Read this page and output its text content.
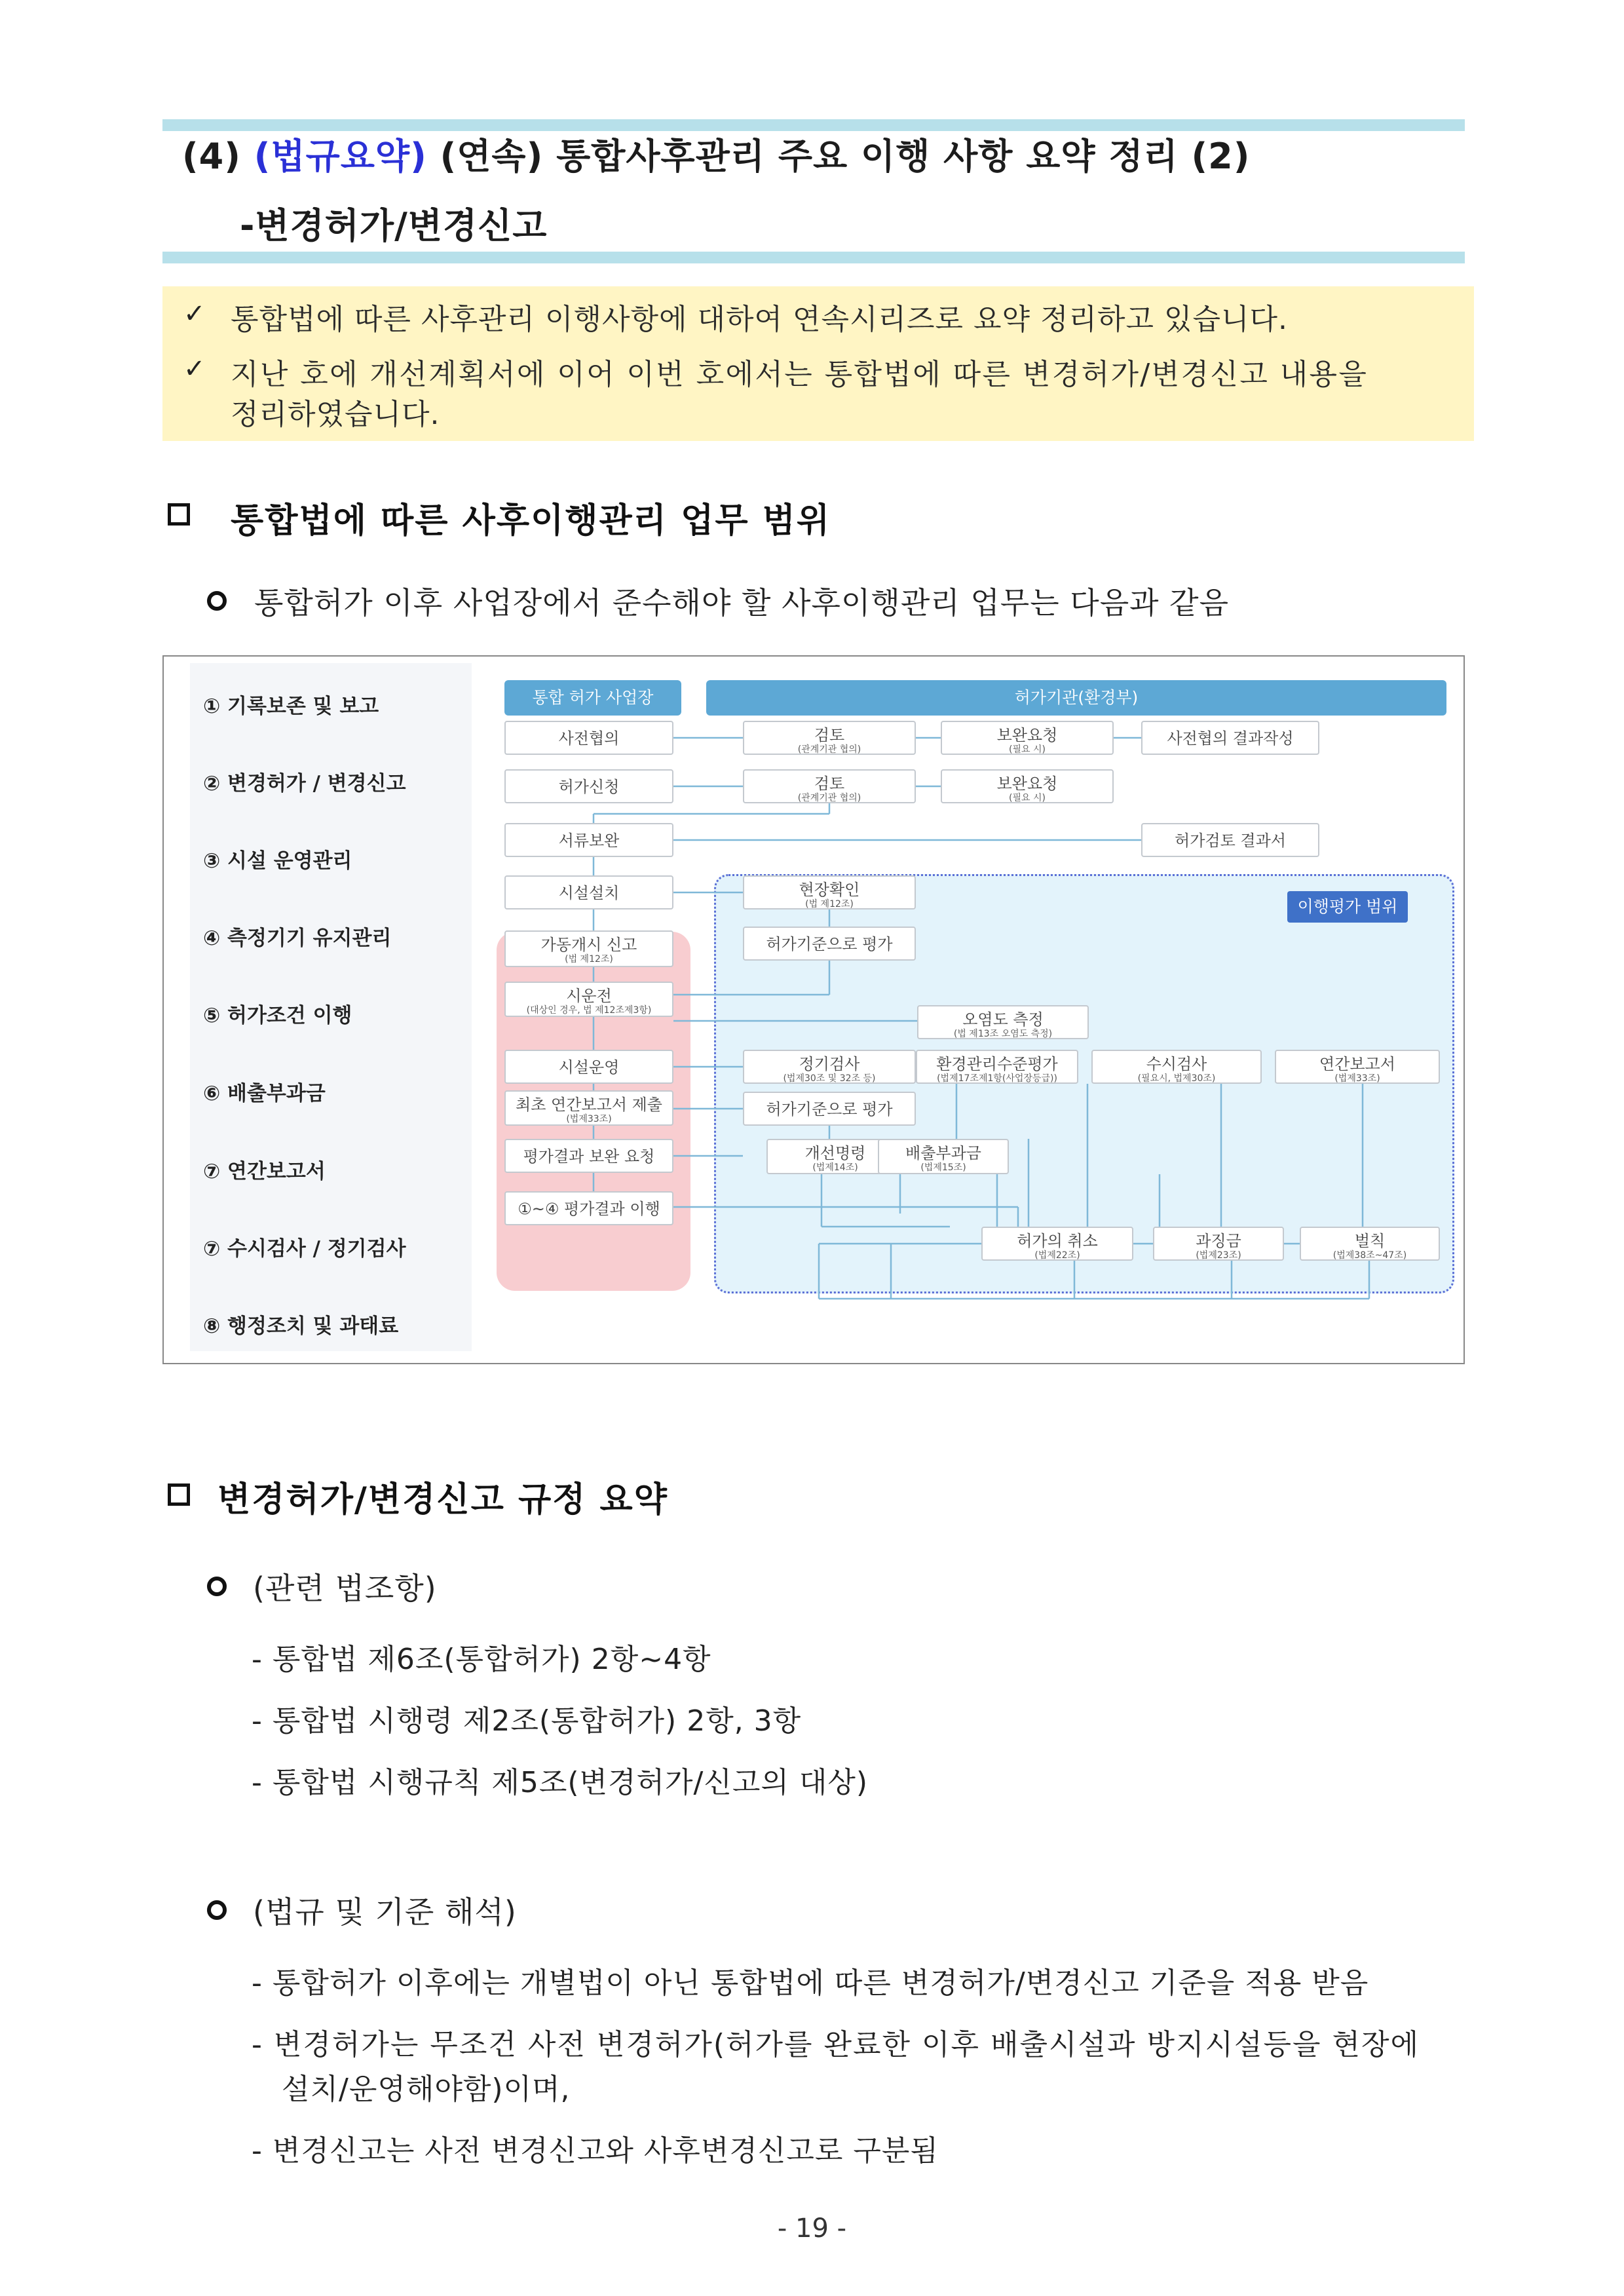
(4) (법규요약) (연속) 통합사후관리 주요 이행 사항 요약 정리 (2)
-변경허가/변경신고
✓ 통합법에 따른 사후관리 이행사항에 대하여 연속시리즈로 요약 정리하고 있습니다.
✓ 지난 호에 개선계획서에 이어 이번 호에서는 통합법에 따른 변경허가/변경신고 내용을
정리하였습니다.
통합법에 따른 사후이행관리 업무 범위
통합허가 이후 사업장에서 준수해야 할 사후이행관리 업무는 다음과 같음
① 기록보존 및 보고
② 변경허가 / 변경신고
③ 시설 운영관리
④ 측정기기 유지관리
⑤ 허가조건 이행
⑥ 배출부과금
⑦ 연간보고서
⑦ 수시검사 / 정기검사
⑧ 행정조치 및 과태료
통합 허가 사업장	허가기관(환경부)
사전협의	검토
(관계기관 협의)
보완요청
(필요 시)
사전협의 결과작성
허가신청	검토
(관계기관 협의)
보완요청
(필요 시)
서류보완	허가검토 결과서
시설설치	현장확인
(법 제12조)	이행평가 범위
허가기준으로 평가
가동개시 신고
(법 제12조)
시운전
(대상인 경우, 법 제12조제3항)	오염도 측정
(법 제13조 오염도 측정)
시설운영	정기검사
(법제30조 및 32조 등)
환경관리수준평가
(법제17조제1항(사업장등급))
수시검사
(필요시, 법제30조)
연간보고서
(법제33조)
최초 연간보고서 제출
(법제33조)
허가기준으로 평가
평가결과 보완 요청	개선명령
(법제14조)
배출부과금
(법제15조)
①~④ 평가결과 이행
허가의 취소
(법제22조)
과징금
(법제23조)
벌칙
(법제38조~47조)
변경허가/변경신고 규정 요약
(관련 법조항)
- 통합법 제6조(통합허가) 2항~4항
- 통합법 시행령 제2조(통합허가) 2항, 3항
- 통합법 시행규칙 제5조(변경허가/신고의 대상)
(법규 및 기준 해석)
- 통합허가 이후에는 개별법이 아닌 통합법에 따른 변경허가/변경신고 기준을 적용 받음
- 변경허가는 무조건 사전 변경허가(허가를 완료한 이후 배출시설과 방지시설등을 현장에
설치/운영해야함)이며,
- 변경신고는 사전 변경신고와 사후변경신고로 구분됨
- 19 -
